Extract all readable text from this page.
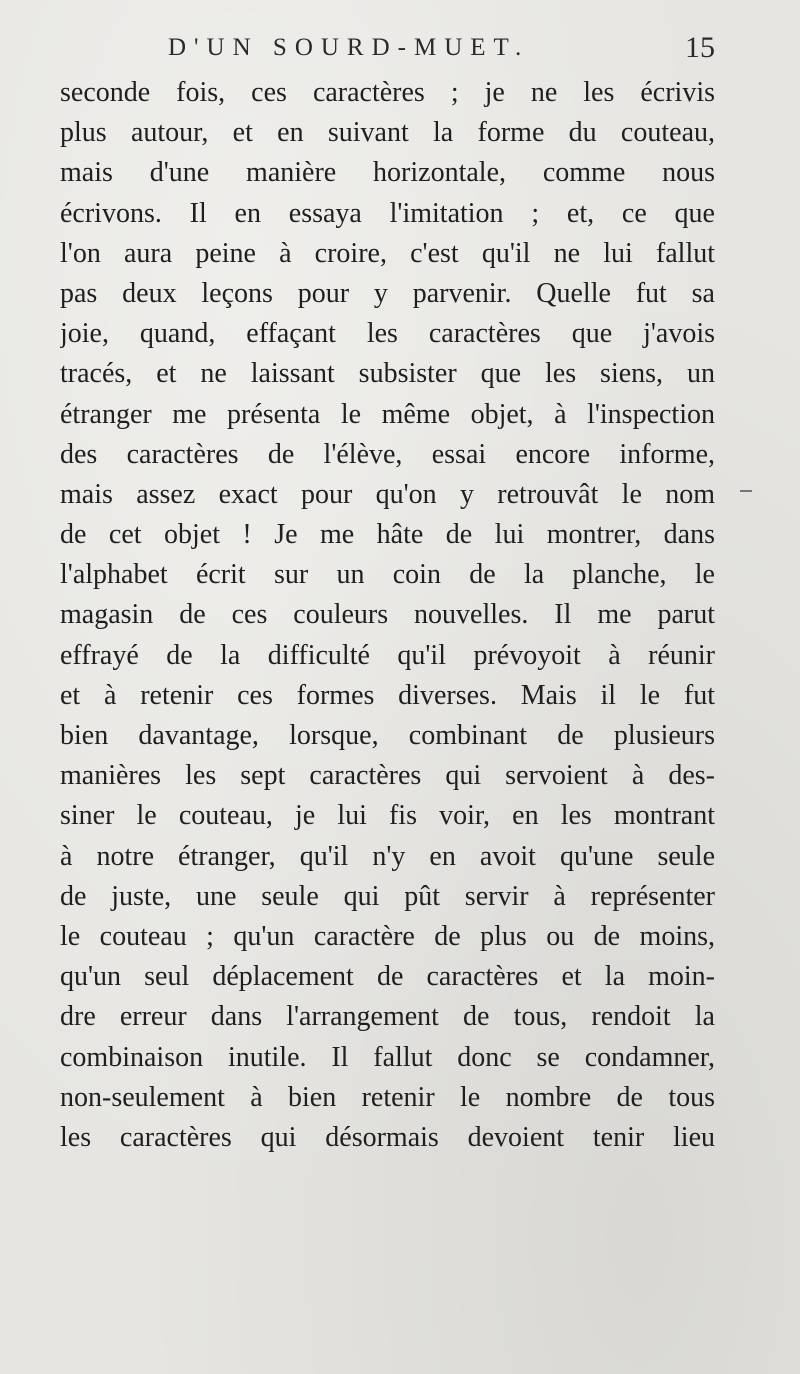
D'UN SOURD-MUET.	15
seconde fois, ces caractères ; je ne les écrivis
plus autour, et en suivant la forme du couteau,
mais d'une manière horizontale, comme nous
écrivons. Il en essaya l'imitation ; et, ce que
l'on aura peine à croire, c'est qu'il ne lui fallut
pas deux leçons pour y parvenir. Quelle fut sa
joie, quand, effaçant les caractères que j'avois
tracés, et ne laissant subsister que les siens, un
étranger me présenta le même objet, à l'inspection
des caractères de l'élève, essai encore informe,
mais assez exact pour qu'on y retrouvât le nom
de cet objet ! Je me hâte de lui montrer, dans
l'alphabet écrit sur un coin de la planche, le
magasin de ces couleurs nouvelles. Il me parut
effrayé de la difficulté qu'il prévoyoit à réunir
et à retenir ces formes diverses. Mais il le fut
bien davantage, lorsque, combinant de plusieurs
manières les sept caractères qui servoient à des-
siner le couteau, je lui fis voir, en les montrant
à notre étranger, qu'il n'y en avoit qu'une seule
de juste, une seule qui pût servir à représenter
le couteau ; qu'un caractère de plus ou de moins,
qu'un seul déplacement de caractères et la moin-
dre erreur dans l'arrangement de tous, rendoit la
combinaison inutile. Il fallut donc se condamner,
non-seulement à bien retenir le nombre de tous
les caractères qui désormais devoient tenir lieu
